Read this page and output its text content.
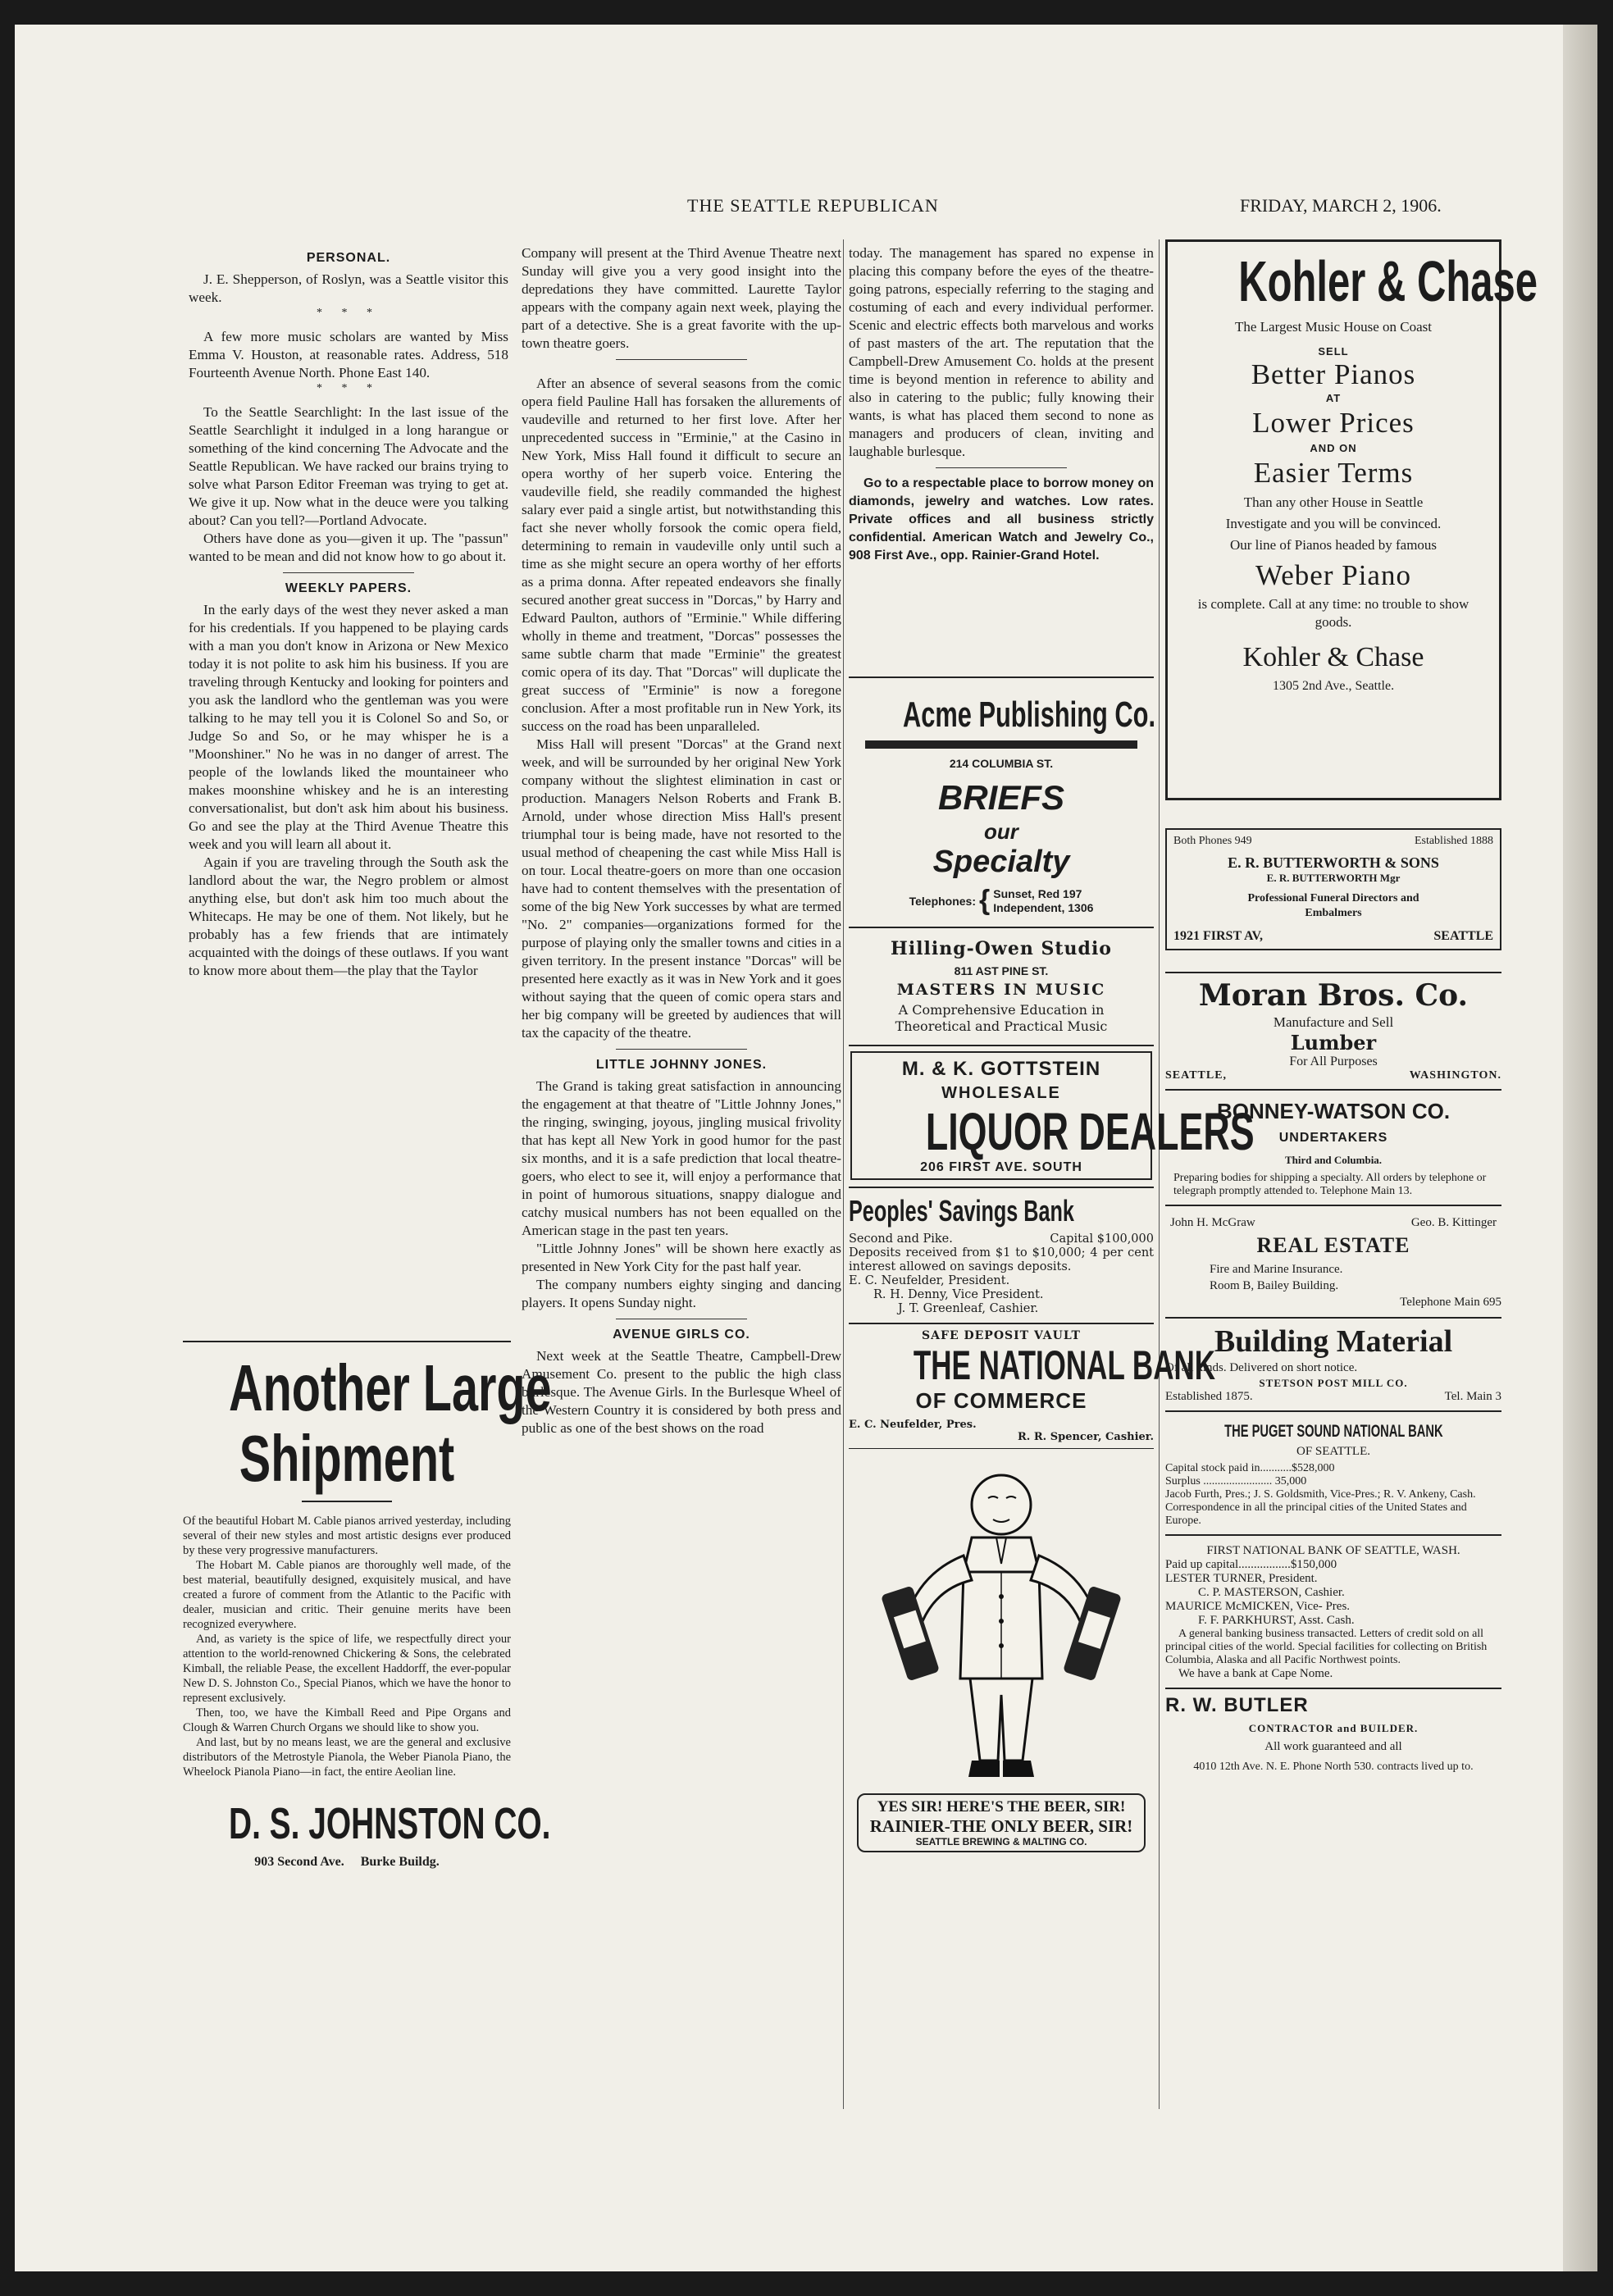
THE SEATTLE REPUBLICAN	FRIDAY, MARCH 2, 1906.
PERSONAL.

J. E. Shepperson, of Roslyn, was a Seattle visitor this week.

* * *

A few more music scholars are wanted by Miss Emma V. Houston, at reasonable rates. Address, 518 Fourteenth Avenue North. Phone East 140.

* * *

To the Seattle Searchlight: In the last issue of the Seattle Searchlight it indulged in a long harangue or something of the kind concerning The Advocate and the Seattle Republican. We have racked our brains trying to solve what Parson Editor Freeman was trying to get at. We give it up. Now what in the deuce were you talking about? Can you tell?—Portland Advocate.

Others have done as you—given it up. The "passun" wanted to be mean and did not know how to go about it.

WEEKLY PAPERS.

In the early days of the west they never asked a man for his credentials. If you happened to be playing cards with a man you don't know in Arizona or New Mexico today it is not polite to ask him his business. If you are traveling through Kentucky and looking for pointers and you ask the landlord who the gentleman was you were talking to he may tell you it is Colonel So and So, or Judge So and So, or he may whisper he is a "Moonshiner." No he was in no danger of arrest. The people of the lowlands liked the mountaineer who makes moonshine whiskey and he is an interesting conversationalist, but don't ask him about his business. Go and see the play at the Third Avenue Theatre this week and you will learn all about it.

Again if you are traveling through the South ask the landlord about the war, the Negro problem or almost anything else, but don't ask him too much about the Whitecaps. He may be one of them. Not likely, but he probably has a few friends that are intimately acquainted with the doings of these outlaws. If you want to know more about them—the play that the Taylor

Another Large
Shipment

Of the beautiful Hobart M. Cable pianos arrived yesterday, including several of their new styles and most artistic designs ever produced by these very progressive manufacturers.

The Hobart M. Cable pianos are thoroughly well made, of the best material, beautifully designed, exquisitely musical, and have created a furore of comment from the Atlantic to the Pacific with dealer, musician and critic. Their genuine merits have been recognized everywhere.

And, as variety is the spice of life, we respectfully direct your attention to the world-renowned Chickering & Sons, the celebrated Kimball, the reliable Pease, the excellent Haddorff, the ever-popular New D. S. Johnston Co., Special Pianos, which we have the honor to represent exclusively.

Then, too, we have the Kimball Reed and Pipe Organs and Clough & Warren Church Organs we should like to show you.

And last, but by no means least, we are the general and exclusive distributors of the Metrostyle Pianola, the Weber Pianola Piano, the Wheelock Pianola Piano—in fact, the entire Aeolian line.

D. S. JOHNSTON CO.
903 Second Ave. Burke Buildg.

Company will present at the Third Avenue Theatre next Sunday will give you a very good insight into the depredations they have committed. Laurette Taylor appears with the company again next week, playing the part of a detective. She is a great favorite with the up-town theatre goers.

After an absence of several seasons from the comic opera field Pauline Hall has forsaken the allurements of vaudeville and returned to her first love. After her unprecedented success in "Erminie," at the Casino in New York, Miss Hall found it difficult to secure an opera worthy of her superb voice. Entering the vaudeville field, she readily commanded the highest salary ever paid a single artist, but notwithstanding this fact she never wholly forsook the comic opera field, determining to remain in vaudeville only until such a time as she might secure an opera worthy of her efforts as a prima donna. After repeated endeavors she finally secured another great success in "Dorcas," by Harry and Edward Paulton, authors of "Erminie." While differing wholly in theme and treatment, "Dorcas" possesses the same subtle charm that made "Erminie" the greatest comic opera of its day. That "Dorcas" will duplicate the great success of "Erminie" is now a foregone conclusion. After a most profitable run in New York, its success on the road has been unparalleled.

Miss Hall will present "Dorcas" at the Grand next week, and will be surrounded by her original New York company without the slightest elimination in cast or production. Managers Nelson Roberts and Frank B. Arnold, under whose direction Miss Hall's present triumphal tour is being made, have not resorted to the usual method of cheapening the cast while Miss Hall is on tour. Local theatre-goers on more than one occasion have had to content themselves with the presentation of some of the big New York successes by what are termed "No. 2" companies—organizations formed for the purpose of playing only the smaller towns and cities in a given territory. In the present instance "Dorcas" will be presented here exactly as it was in New York and it goes without saying that the queen of comic opera stars and her big company will be greeted by audiences that will tax the capacity of the theatre.

LITTLE JOHNNY JONES.

The Grand is taking great satisfaction in announcing the engagement at that theatre of "Little Johnny Jones," the ringing, swinging, joyous, jingling musical frivolity that has kept all New York in good humor for the past six months, and it is a safe prediction that local theatre-goers, who elect to see it, will enjoy a performance that in point of humorous situations, snappy dialogue and catchy musical numbers has not been equalled on the American stage in the past ten years.

"Little Johnny Jones" will be shown here exactly as presented in New York City for the past half year.

The company numbers eighty singing and dancing players. It opens Sunday night.

AVENUE GIRLS CO.

Next week at the Seattle Theatre, Campbell-Drew Amusement Co. present to the public the high class burlesque. The Avenue Girls. In the Burlesque Wheel of the Western Country it is considered by both press and public as one of the best shows on the road

today. The management has spared no expense in placing this company before the eyes of the theatre-going patrons, especially referring to the staging and costuming of each and every individual performer. Scenic and electric effects both marvelous and works of past masters of the art. The reputation that the Campbell-Drew Amusement Co. holds at the present time is beyond mention in reference to ability and also in catering to the public; fully knowing their wants, is what has placed them second to none as managers and producers of clean, inviting and laughable burlesque.

Go to a respectable place to borrow money on diamonds, jewelry and watches. Low rates. Private offices and all business strictly confidential. American Watch and Jewelry Co., 908 First Ave., opp. Rainier-Grand Hotel.

Acme Publishing Co.
214 COLUMBIA ST.
BRIEFS
our
Specialty
Telephones: { Sunset, Red 197
Independent, 1306
Hilling-Owen Studio
811 AST PINE ST.
MASTERS IN MUSIC
A Comprehensive Education in Theoretical and Practical Music
M. & K. GOTTSTEIN
WHOLESALE
LIQUOR DEALERS
206 FIRST AVE. SOUTH
Peoples' Savings Bank
Second and Pike.	Capital $100,000
Deposits received from $1 to $10,000; 4 per cent interest allowed on savings deposits.
E. C. Neufelder, President.
R. H. Denny, Vice President.
J. T. Greenleaf, Cashier.
SAFE DEPOSIT VAULT
THE NATIONAL BANK
OF COMMERCE
E. C. Neufelder, Pres.
R. R. Spencer, Cashier.
YES SIR! HERE'S THE BEER, SIR!
RAINIER-THE ONLY BEER, SIR!
SEATTLE BREWING & MALTING CO.
Kohler & Chase
The Largest Music House on Coast
SELL
Better Pianos
AT
Lower Prices
AND ON
Easier Terms
Than any other House in Seattle
Investigate and you will be convinced.
Our line of Pianos headed by famous
Weber Piano
is complete. Call at any time: no trouble to show goods.
Kohler & Chase
1305 2nd Ave., Seattle.
Both Phones 949	Established 1888
E. R. BUTTERWORTH & SONS
E. R. BUTTERWORTH Mgr
Professional Funeral Directors and Embalmers
1921 FIRST AV,	SEATTLE
Moran Bros. Co.
Manufacture and Sell
Lumber
For All Purposes
SEATTLE,	WASHINGTON.
BONNEY-WATSON CO.
UNDERTAKERS
Third and Columbia.
Preparing bodies for shipping a specialty. All orders by telephone or telegraph promptly attended to. Telephone Main 13.
John H. McGraw	Geo. B. Kittinger
REAL ESTATE
Fire and Marine Insurance.
Room B, Bailey Building.
Telephone Main 695
Building Material
Of all kinds. Delivered on short notice.
STETSON POST MILL CO.
Established 1875.	Tel. Main 3
THE PUGET SOUND NATIONAL BANK
OF SEATTLE.
Capital stock paid in...........$528,000
Surplus ........................ 35,000
Jacob Furth, Pres.; J. S. Goldsmith, Vice-Pres.; R. V. Ankeny, Cash.
Correspondence in all the principal cities of the United States and Europe.
FIRST NATIONAL BANK OF SEATTLE, WASH.
Paid up capital.................$150,000
LESTER TURNER, President.
C. P. MASTERSON, Cashier.
MAURICE McMICKEN, Vice- Pres.
F. F. PARKHURST, Asst. Cash.
A general banking business transacted. Letters of credit sold on all principal cities of the world. Special facilities for collecting on British Columbia, Alaska and all Pacific Northwest points.
We have a bank at Cape Nome.
R. W. BUTLER
CONTRACTOR and BUILDER.
All work guaranteed and all
4010 12th Ave. N. E. Phone North 530. contracts lived up to.
